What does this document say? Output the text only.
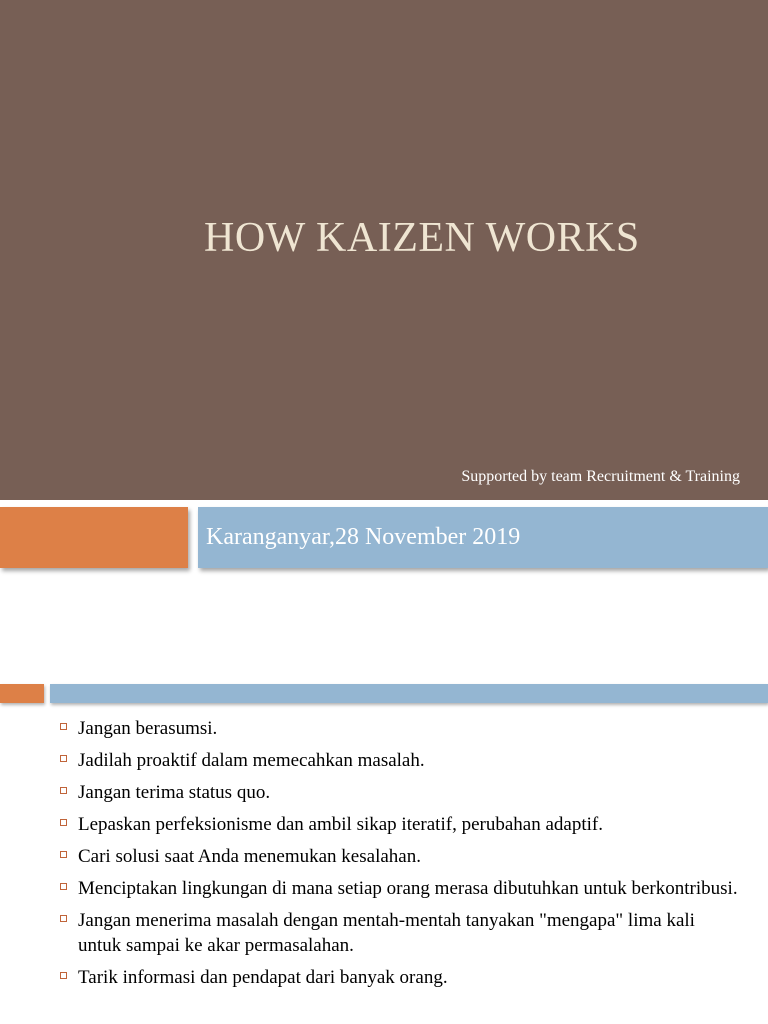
HOW KAIZEN WORKS
Supported by team Recruitment & Training
Karanganyar,28 November 2019
Jangan berasumsi.
Jadilah proaktif dalam memecahkan masalah.
Jangan terima status quo.
Lepaskan perfeksionisme dan ambil sikap iteratif, perubahan adaptif.
Cari solusi saat Anda menemukan kesalahan.
Menciptakan lingkungan di mana setiap orang merasa dibutuhkan untuk berkontribusi.
Jangan menerima masalah dengan mentah-mentah tanyakan "mengapa" lima kali untuk sampai ke akar permasalahan.
Tarik informasi dan pendapat dari banyak orang.
